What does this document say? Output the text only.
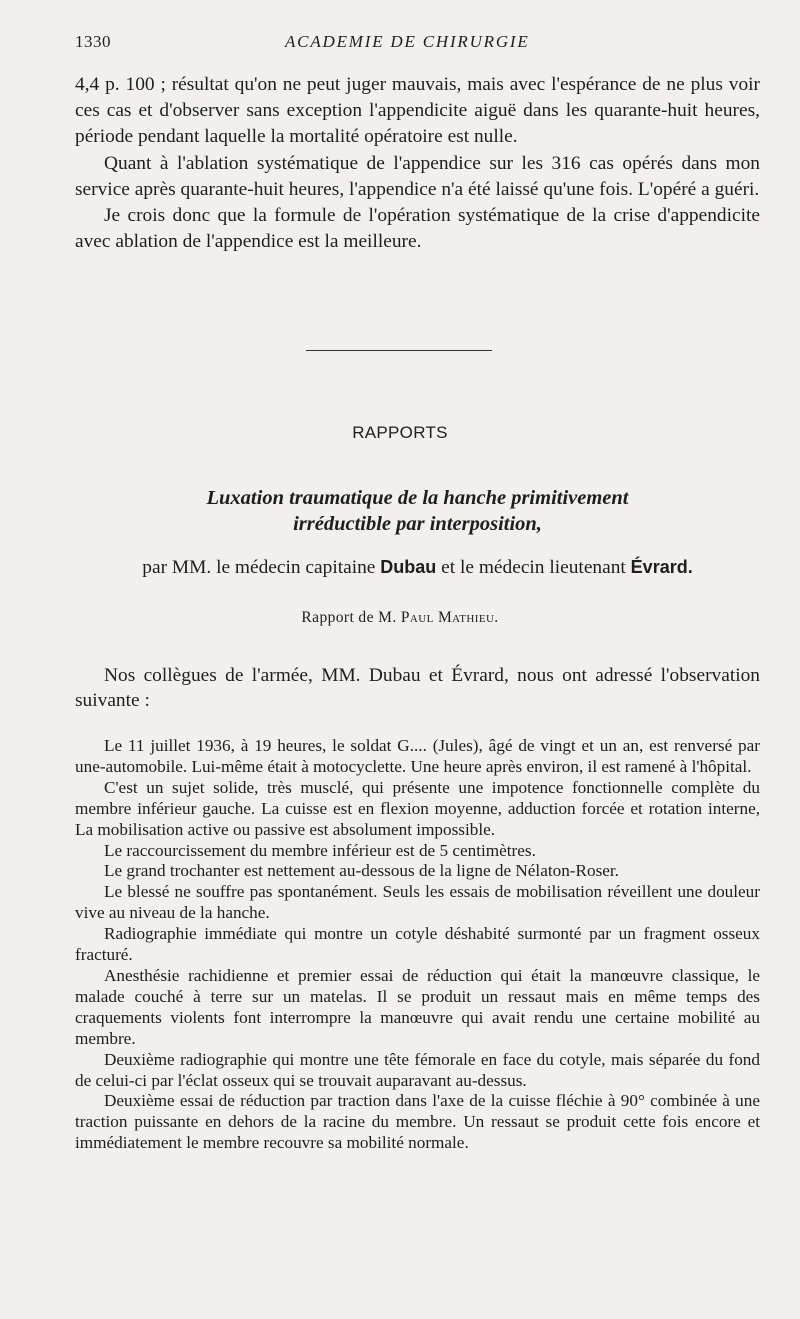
1330	ACADEMIE DE CHIRURGIE

4,4 p. 100 ; résultat qu'on ne peut juger mauvais, mais avec l'espérance de ne plus voir ces cas et d'observer sans exception l'appendicite aiguë dans les quarante-huit heures, période pendant laquelle la mortalité opératoire est nulle.

Quant à l'ablation systématique de l'appendice sur les 316 cas opérés dans mon service après quarante-huit heures, l'appendice n'a été laissé qu'une fois. L'opéré a guéri.

Je crois donc que la formule de l'opération systématique de la crise d'appendicite avec ablation de l'appendice est la meilleure.

RAPPORTS
Luxation traumatique de la hanche primitivement
irréductible par interposition,
par MM. le médecin capitaine Dubau et le médecin lieutenant Évrard.
Rapport de M. Paul Mathieu.

Nos collègues de l'armée, MM. Dubau et Évrard, nous ont adressé l'observation suivante :

Le 11 juillet 1936, à 19 heures, le soldat G.... (Jules), âgé de vingt et un an, est renversé par une-automobile. Lui-même était à motocyclette. Une heure après environ, il est ramené à l'hôpital.

C'est un sujet solide, très musclé, qui présente une impotence fonctionnelle complète du membre inférieur gauche. La cuisse est en flexion moyenne, adduction forcée et rotation interne, La mobilisation active ou passive est absolument impossible.

Le raccourcissement du membre inférieur est de 5 centimètres.

Le grand trochanter est nettement au-dessous de la ligne de Nélaton-Roser.

Le blessé ne souffre pas spontanément. Seuls les essais de mobilisation réveillent une douleur vive au niveau de la hanche.

Radiographie immédiate qui montre un cotyle déshabité surmonté par un fragment osseux fracturé.

Anesthésie rachidienne et premier essai de réduction qui était la manœuvre classique, le malade couché à terre sur un matelas. Il se produit un ressaut mais en même temps des craquements violents font interrompre la manœuvre qui avait rendu une certaine mobilité au membre.

Deuxième radiographie qui montre une tête fémorale en face du cotyle, mais séparée du fond de celui-ci par l'éclat osseux qui se trouvait auparavant au-dessus.

Deuxième essai de réduction par traction dans l'axe de la cuisse fléchie à 90° combinée à une traction puissante en dehors de la racine du membre. Un ressaut se produit cette fois encore et immédiatement le membre recouvre sa mobilité normale.
